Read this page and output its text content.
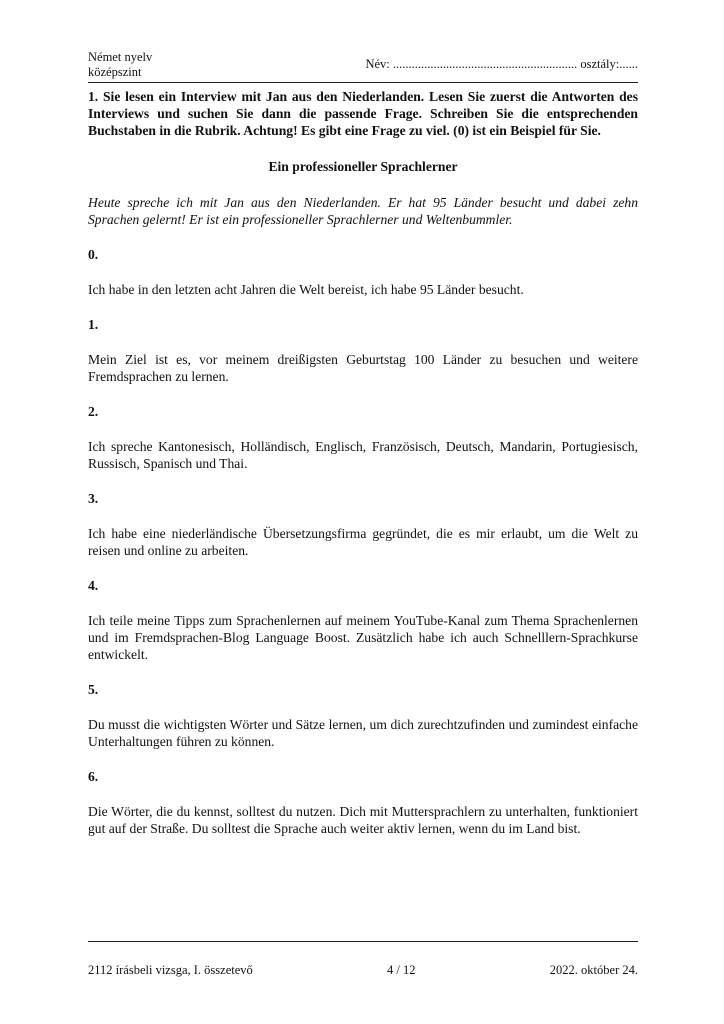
Német nyelv
középszint
Név: ........................................................... osztály:......

1. Sie lesen ein Interview mit Jan aus den Niederlanden. Lesen Sie zuerst die Antworten des Interviews und suchen Sie dann die passende Frage. Schreiben Sie die entsprechenden Buchstaben in die Rubrik. Achtung! Es gibt eine Frage zu viel. (0) ist ein Beispiel für Sie.

Ein professioneller Sprachlerner

Heute spreche ich mit Jan aus den Niederlanden. Er hat 95 Länder besucht und dabei zehn Sprachen gelernt! Er ist ein professioneller Sprachlerner und Weltenbummler.

0.

Ich habe in den letzten acht Jahren die Welt bereist, ich habe 95 Länder besucht.

1.

Mein Ziel ist es, vor meinem dreißigsten Geburtstag 100 Länder zu besuchen und weitere Fremdsprachen zu lernen.

2.

Ich spreche Kantonesisch, Holländisch, Englisch, Französisch, Deutsch, Mandarin, Portugiesisch, Russisch, Spanisch und Thai.

3.

Ich habe eine niederländische Übersetzungsfirma gegründet, die es mir erlaubt, um die Welt zu reisen und online zu arbeiten.

4.

Ich teile meine Tipps zum Sprachenlernen auf meinem YouTube-Kanal zum Thema Sprachenlernen und im Fremdsprachen-Blog Language Boost. Zusätzlich habe ich auch Schnelllern-Sprachkurse entwickelt.

5.

Du musst die wichtigsten Wörter und Sätze lernen, um dich zurechtzufinden und zumindest einfache Unterhaltungen führen zu können.

6.

Die Wörter, die du kennst, solltest du nutzen. Dich mit Muttersprachlern zu unterhalten, funktioniert gut auf der Straße. Du solltest die Sprache auch weiter aktiv lernen, wenn du im Land bist.

2112 írásbeli vizsga, I. összetevő	4 / 12	2022. október 24.
